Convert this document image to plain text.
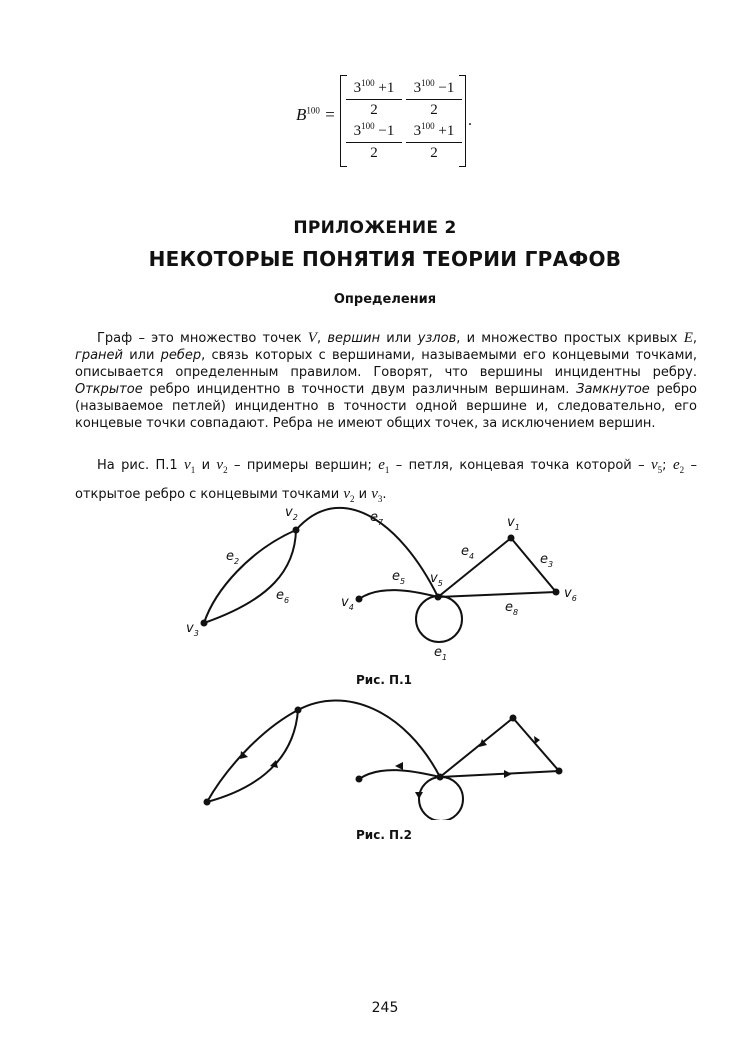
$B^{100}$ =
$3^{100} +1$
2
$3^{100} -1$
2
$3^{100} -1$
2
$3^{100} +1$
2
.
ПРИЛОЖЕНИЕ 2
НЕКОТОРЫЕ ПОНЯТИЯ ТЕОРИИ ГРАФОВ
Определения
Граф – это множество точек V, вершин или узлов, и множество простых кривых E, граней или ребер, связь которых с вершинами, называемыми его концевыми точками, описывается определенным правилом. Говорят, что вершины инцидентны ребру. Открытое ребро инцидентно в точности двум различным вершинам. Замкнутое ребро (называемое петлей) инцидентно в точности одной вершине и, следовательно, его концевые точки совпадают. Ребра не имеют общих точек, за исключением вершин.
На рис. П.1 $v_1$ и $v_2$ – примеры вершин; $e_1$ – петля, концевая точка которой – $v_5$; $e_2$ – открытое ребро с концевыми точками $v_2$ и $v_3$.
$v_1$
$v_2$
$v_3$
$v_4$
$v_5$
$v_6$
$e_1$
$e_2$	$e_3$
$e_4$
$e_5$
$e_6$
$e_7$
$e_8$
Рис. П.1
Рис. П.2
245
